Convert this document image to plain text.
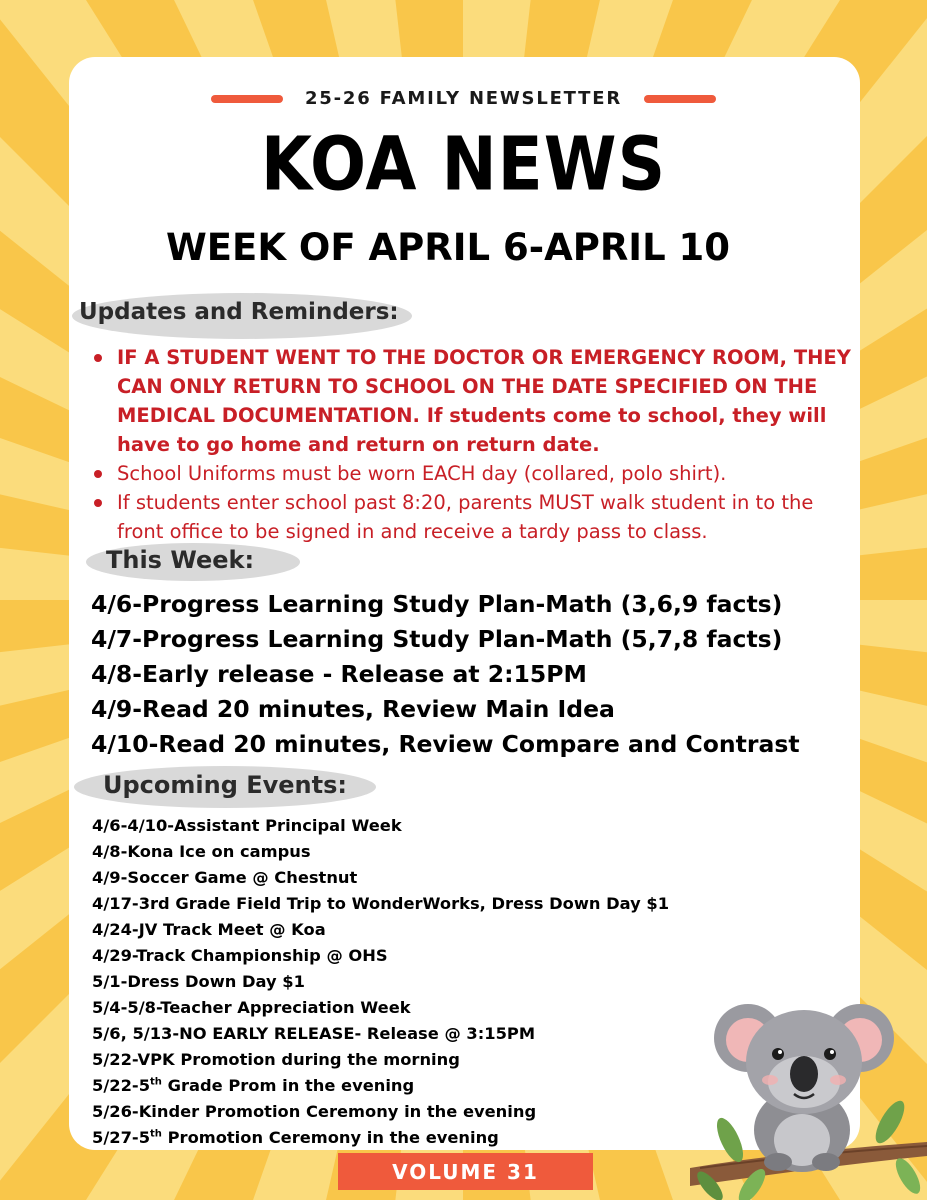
25-26 FAMILY NEWSLETTER
KOA NEWS
WEEK OF APRIL 6-APRIL 10
Updates and Reminders:
IF A STUDENT WENT TO THE DOCTOR OR EMERGENCY ROOM, THEY CAN ONLY RETURN TO SCHOOL ON THE DATE SPECIFIED ON THE MEDICAL DOCUMENTATION. If students come to school, they will have to go home and return on return date.
School Uniforms must be worn EACH day (collared, polo shirt).
If students enter school past 8:20, parents MUST walk student in to the front office to be signed in and receive a tardy pass to class.
This Week:
4/6-Progress Learning Study Plan-Math (3,6,9 facts)
4/7-Progress Learning Study Plan-Math (5,7,8 facts)
4/8-Early release - Release at 2:15PM
4/9-Read 20 minutes, Review Main Idea
4/10-Read 20 minutes, Review Compare and Contrast
Upcoming Events:
4/6-4/10-Assistant Principal Week
4/8-Kona Ice on campus
4/9-Soccer Game @ Chestnut
4/17-3rd Grade Field Trip to WonderWorks, Dress Down Day $1
4/24-JV Track Meet @ Koa
4/29-Track Championship @ OHS
5/1-Dress Down Day $1
5/4-5/8-Teacher Appreciation Week
5/6, 5/13-NO EARLY RELEASE- Release @ 3:15PM
5/22-VPK Promotion during the morning
5/22-5th Grade Prom in the evening
5/26-Kinder Promotion Ceremony in the evening
5/27-5th Promotion Ceremony in the evening
VOLUME 31
